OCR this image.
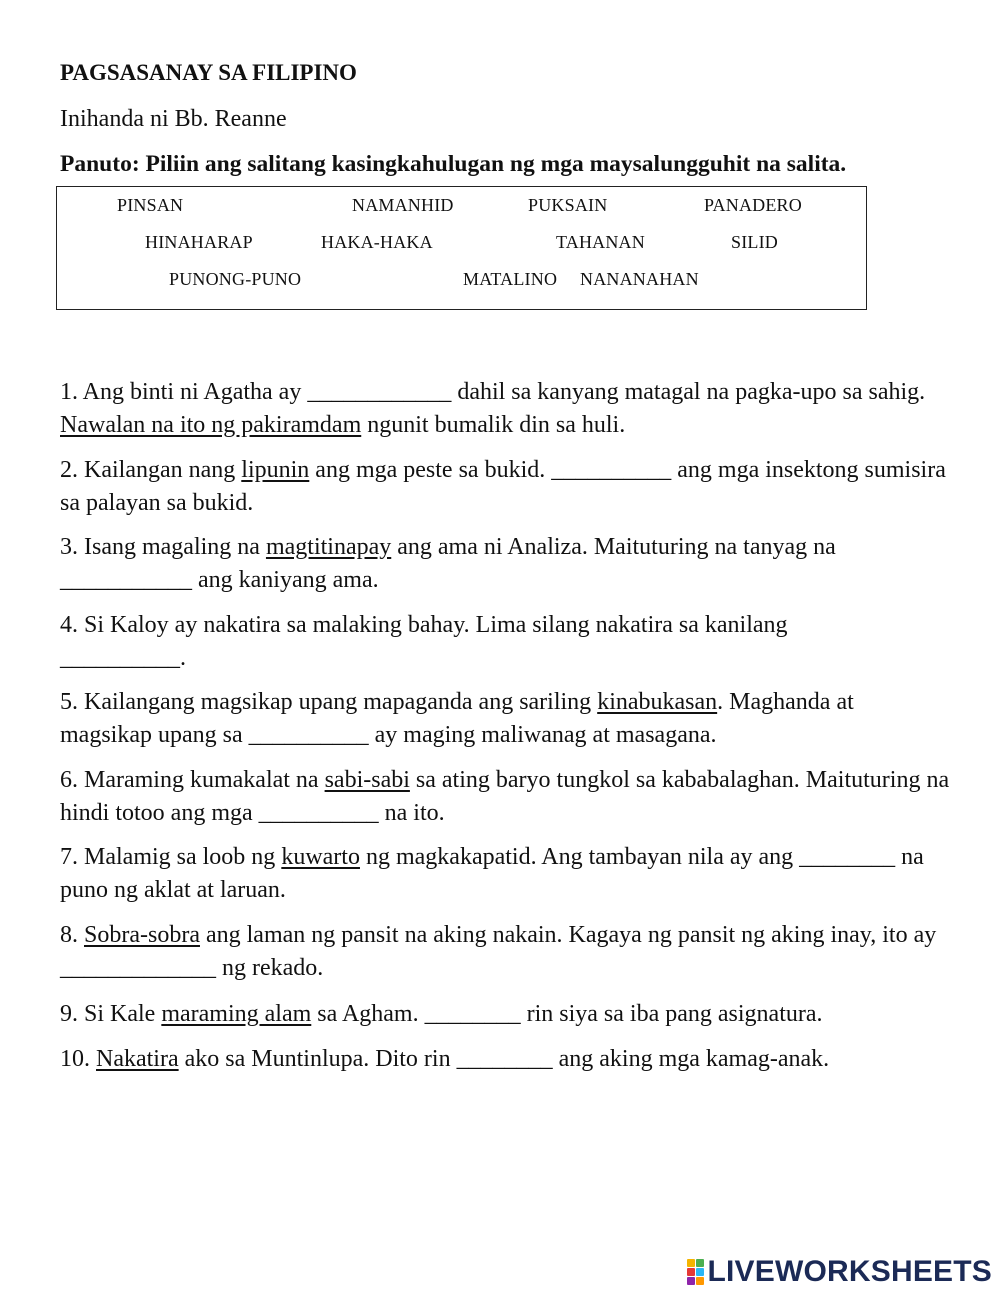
PAGSASANAY SA FILIPINO
Inihanda ni Bb. Reanne
Panuto: Piliin ang salitang kasingkahulugan ng mga maysalungguhit na salita.
PINSAN	NAMANHID	PUKSAIN	PANADERO
HINAHARAP	HAKA-HAKA	TAHANAN	SILID
PUNONG-PUNO	MATALINO NANANAHAN
1. Ang binti ni Agatha ay ____________ dahil sa kanyang matagal na pagka-upo sa sahig. Nawalan na ito ng pakiramdam ngunit bumalik din sa huli.
2. Kailangan nang lipunin ang mga peste sa bukid. __________ ang mga insektong sumisira sa palayan sa bukid.
3. Isang magaling na magtitinapay ang ama ni Analiza. Maituturing na tanyag na ___________ ang kaniyang ama.
4. Si Kaloy ay nakatira sa malaking bahay. Lima silang nakatira sa kanilang __________.
5. Kailangang magsikap upang mapaganda ang sariling kinabukasan. Maghanda at magsikap upang sa __________ ay maging maliwanag at masagana.
6. Maraming kumakalat na sabi-sabi sa ating baryo tungkol sa kababalaghan. Maituturing na hindi totoo ang mga __________ na ito.
7. Malamig sa loob ng kuwarto ng magkakapatid. Ang tambayan nila ay ang ________ na puno ng aklat at laruan.
8. Sobra-sobra ang laman ng pansit na aking nakain. Kagaya ng pansit ng aking inay, ito ay _____________ ng rekado.
9. Si Kale maraming alam sa Agham. ________ rin siya sa iba pang asignatura.
10. Nakatira ako sa Muntinlupa. Dito rin ________ ang aking mga kamag-anak.
LIVEWORKSHEETS
